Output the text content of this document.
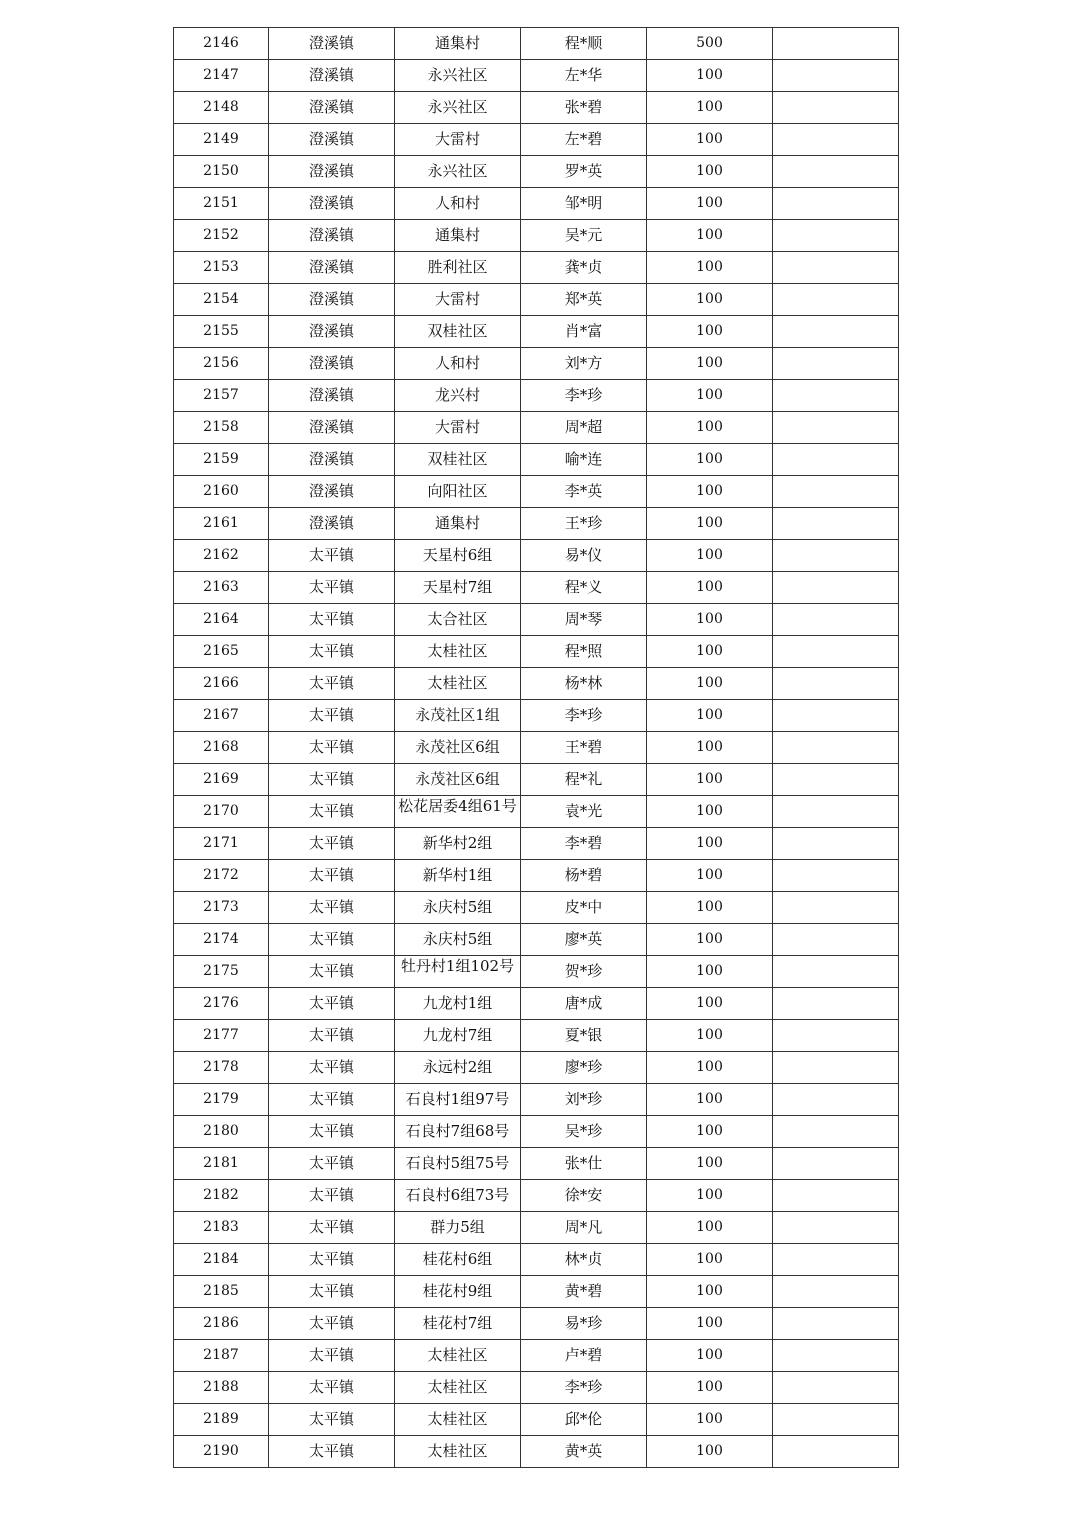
2146	澄溪镇	通集村	程*顺	500	

2147	澄溪镇	永兴社区	左*华	100	

2148	澄溪镇	永兴社区	张*碧	100	

2149	澄溪镇	大雷村	左*碧	100	

2150	澄溪镇	永兴社区	罗*英	100	

2151	澄溪镇	人和村	邹*明	100	

2152	澄溪镇	通集村	吴*元	100	

2153	澄溪镇	胜利社区	龚*贞	100	

2154	澄溪镇	大雷村	郑*英	100	

2155	澄溪镇	双桂社区	肖*富	100	

2156	澄溪镇	人和村	刘*方	100	

2157	澄溪镇	龙兴村	李*珍	100	

2158	澄溪镇	大雷村	周*超	100	

2159	澄溪镇	双桂社区	喻*连	100	

2160	澄溪镇	向阳社区	李*英	100	

2161	澄溪镇	通集村	王*珍	100	

2162	太平镇	天星村6组	易*仪	100	

2163	太平镇	天星村7组	程*义	100	

2164	太平镇	太合社区	周*琴	100	

2165	太平镇	太桂社区	程*照	100	

2166	太平镇	太桂社区	杨*林	100	

2167	太平镇	永茂社区1组	李*珍	100	

2168	太平镇	永茂社区6组	王*碧	100	

2169	太平镇	永茂社区6组	程*礼	100	

2170	太平镇	松花居委4组61号	袁*光	100	

2171	太平镇	新华村2组	李*碧	100	

2172	太平镇	新华村1组	杨*碧	100	

2173	太平镇	永庆村5组	皮*中	100	

2174	太平镇	永庆村5组	廖*英	100	

2175	太平镇	牡丹村1组102号	贺*珍	100	

2176	太平镇	九龙村1组	唐*成	100	

2177	太平镇	九龙村7组	夏*银	100	

2178	太平镇	永远村2组	廖*珍	100	

2179	太平镇	石良村1组97号	刘*珍	100	

2180	太平镇	石良村7组68号	吴*珍	100	

2181	太平镇	石良村5组75号	张*仕	100	

2182	太平镇	石良村6组73号	徐*安	100	

2183	太平镇	群力5组	周*凡	100	

2184	太平镇	桂花村6组	林*贞	100	

2185	太平镇	桂花村9组	黄*碧	100	

2186	太平镇	桂花村7组	易*珍	100	

2187	太平镇	太桂社区	卢*碧	100	

2188	太平镇	太桂社区	李*珍	100	

2189	太平镇	太桂社区	邱*伦	100	

2190	太平镇	太桂社区	黄*英	100	
